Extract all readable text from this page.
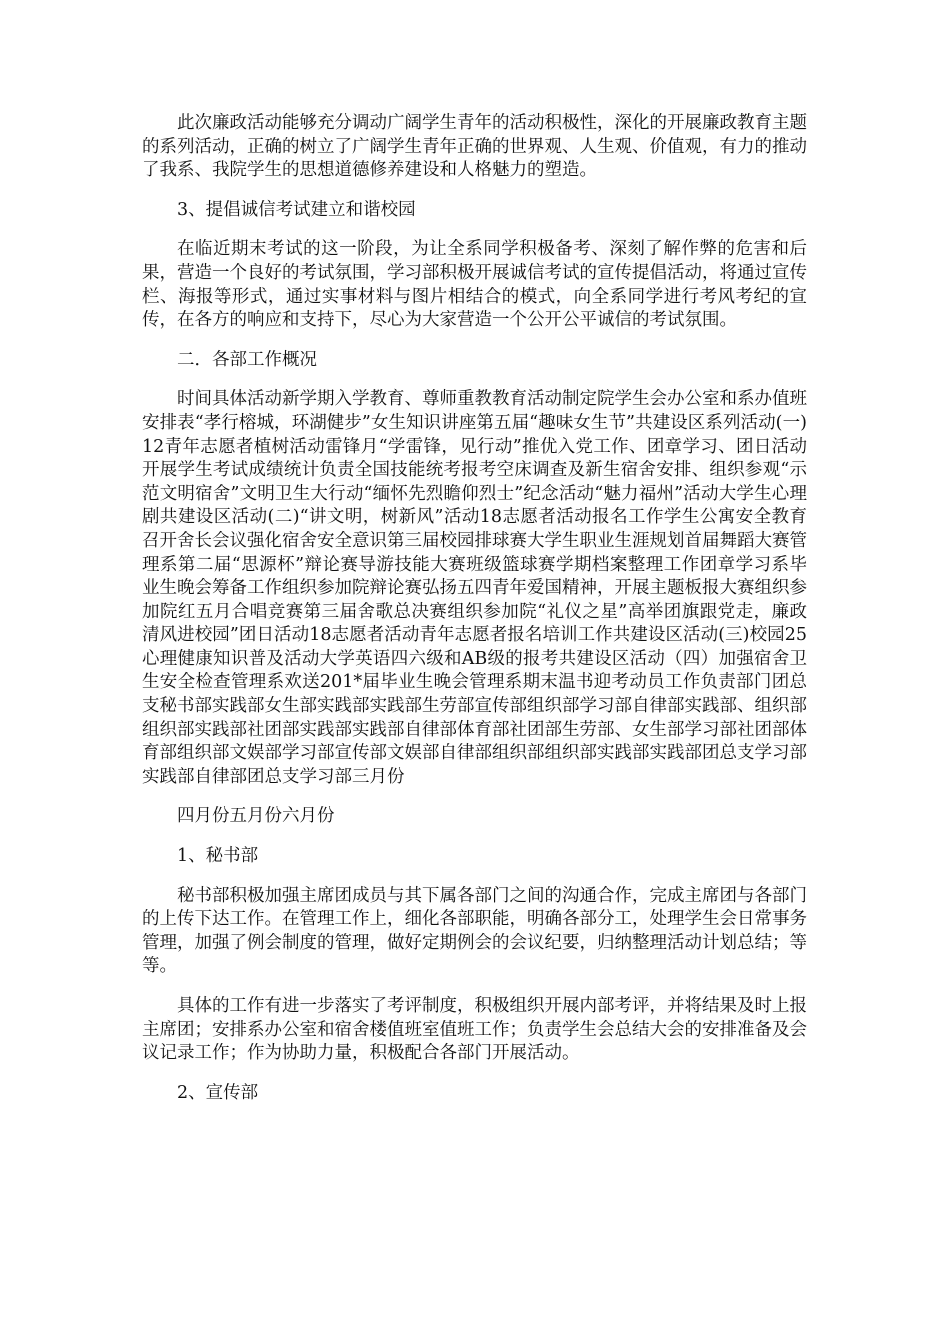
此次廉政活动能够充分调动广阔学生青年的活动积极性，深化的开展廉政教育主题的系列活动，正确的树立了广阔学生青年正确的世界观、人生观、价值观，有力的推动了我系、我院学生的思想道德修养建设和人格魅力的塑造。

3、提倡诚信考试建立和谐校园

在临近期末考试的这一阶段，为让全系同学积极备考、深刻了解作弊的危害和后果，营造一个良好的考试氛围，学习部积极开展诚信考试的宣传提倡活动，将通过宣传栏、海报等形式，通过实事材料与图片相结合的模式，向全系同学进行考风考纪的宣传，在各方的响应和支持下，尽心为大家营造一个公开公平诚信的考试氛围。

二．各部工作概况

时间具体活动新学期入学教育、尊师重教教育活动制定院学生会办公室和系办值班安排表“孝行榕城，环湖健步”女生知识讲座第五届“趣味女生节”共建设区系列活动(一)12青年志愿者植树活动雷锋月“学雷锋，见行动”推优入党工作、团章学习、团日活动开展学生考试成绩统计负责全国技能统考报考空床调查及新生宿舍安排、组织参观“示范文明宿舍”文明卫生大行动“缅怀先烈瞻仰烈士”纪念活动“魅力福州”活动大学生心理剧共建设区活动(二)“讲文明，树新风”活动18志愿者活动报名工作学生公寓安全教育召开舍长会议强化宿舍安全意识第三届校园排球赛大学生职业生涯规划首届舞蹈大赛管理系第二届“思源杯”辩论赛导游技能大赛班级篮球赛学期档案整理工作团章学习系毕业生晚会筹备工作组织参加院辩论赛弘扬五四青年爱国精神，开展主题板报大赛组织参加院红五月合唱竞赛第三届舍歌总决赛组织参加院“礼仪之星”高举团旗跟党走，廉政清风进校园”团日活动18志愿者活动青年志愿者报名培训工作共建设区活动(三)校园25心理健康知识普及活动大学英语四六级和AB级的报考共建设区活动（四）加强宿舍卫生安全检查管理系欢送201*届毕业生晚会管理系期末温书迎考动员工作负责部门团总支秘书部实践部女生部实践部实践部生劳部宣传部组织部学习部自律部实践部、组织部组织部实践部社团部实践部实践部自律部体育部社团部生劳部、女生部学习部社团部体育部组织部文娱部学习部宣传部文娱部自律部组织部组织部实践部实践部团总支学习部实践部自律部团总支学习部三月份

四月份五月份六月份

1、秘书部

秘书部积极加强主席团成员与其下属各部门之间的沟通合作，完成主席团与各部门的上传下达工作。在管理工作上，细化各部职能，明确各部分工，处理学生会日常事务管理，加强了例会制度的管理，做好定期例会的会议纪要，归纳整理活动计划总结；等等。

具体的工作有进一步落实了考评制度，积极组织开展内部考评，并将结果及时上报主席团；安排系办公室和宿舍楼值班室值班工作；负责学生会总结大会的安排准备及会议记录工作；作为协助力量，积极配合各部门开展活动。

2、宣传部
